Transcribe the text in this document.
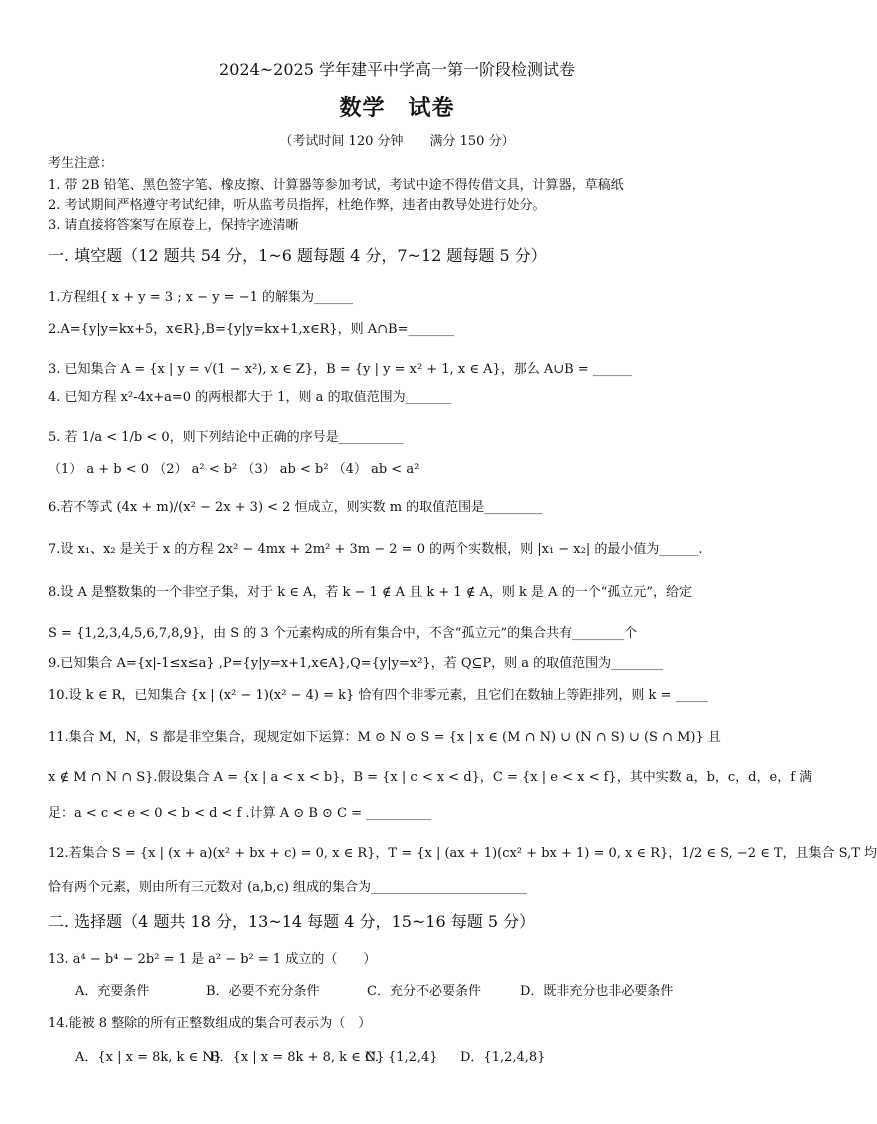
2024~2025 学年建平中学高一第一阶段检测试卷
数学　试卷
（考试时间 120 分钟　　满分 150 分）
考生注意：
1. 带 2B 铅笔、黑色签字笔、橡皮擦、计算器等参加考试，考试中途不得传借文具，计算器，草稿纸
2. 考试期间严格遵守考试纪律，听从监考员指挥，杜绝作弊，违者由教导处进行处分。
3. 请直接将答案写在原卷上，保持字迹清晰
一. 填空题（12 题共 54 分，1~6 题每题 4 分，7~12 题每题 5 分）
1.方程组{ x + y = 3 ; x − y = −1 的解集为______
2.A={y|y=kx+5，x∈R},B={y|y=kx+1,x∈R}，则 A∩B=_______
3. 已知集合 A = {x | y = √(1 − x²), x ∈ Z}，B = {y | y = x² + 1, x ∈ A}，那么 A∪B = ______
4. 已知方程 x²-4x+a=0 的两根都大于 1，则 a 的取值范围为_______
5. 若 1/a < 1/b < 0，则下列结论中正确的序号是__________
（1） a + b < 0 （2） a² < b² （3） ab < b² （4） ab < a²
6.若不等式 (4x + m)/(x² − 2x + 3) < 2 恒成立，则实数 m 的取值范围是_________
7.设 x₁、x₂ 是关于 x 的方程 2x² − 4mx + 2m² + 3m − 2 = 0 的两个实数根，则 |x₁ − x₂| 的最小值为______.
8.设 A 是整数集的一个非空子集，对于 k ∈ A，若 k − 1 ∉ A 且 k + 1 ∉ A，则 k 是 A 的一个“孤立元”，给定
S = {1,2,3,4,5,6,7,8,9}，由 S 的 3 个元素构成的所有集合中，不含“孤立元”的集合共有________个
9.已知集合 A={x|-1≤x≤a} ,P={y|y=x+1,x∈A},Q={y|y=x²}，若 Q⊆P，则 a 的取值范围为________
10.设 k ∈ R，已知集合 {x | (x² − 1)(x² − 4) = k} 恰有四个非零元素，且它们在数轴上等距排列，则 k = _____
11.集合 M，N，S 都是非空集合，现规定如下运算：M ⊙ N ⊙ S = {x | x ∈ (M ∩ N) ∪ (N ∩ S) ∪ (S ∩ M)} 且
x ∉ M ∩ N ∩ S}.假设集合 A = {x | a < x < b}，B = {x | c < x < d}，C = {x | e < x < f}，其中实数 a，b，c，d，e，f 满
足：a < c < e < 0 < b < d < f .计算 A ⊙ B ⊙ C = __________
12.若集合 S = {x | (x + a)(x² + bx + c) = 0, x ∈ R}，T = {x | (ax + 1)(cx² + bx + 1) = 0, x ∈ R}，1/2 ∈ S, −2 ∈ T，且集合 S,T 均
恰有两个元素，则由所有三元数对 (a,b,c) 组成的集合为________________________
二. 选择题（4 题共 18 分，13~14 每题 4 分，15~16 每题 5 分）
13. a⁴ − b⁴ − 2b² = 1 是 a² − b² = 1 成立的（　　）
A．充要条件	B．必要不充分条件	C．充分不必要条件	D．既非充分也非必要条件
14.能被 8 整除的所有正整数组成的集合可表示为（　）
A．{x | x = 8k, k ∈ N}
B．{x | x = 8k + 8, k ∈ N}
C．{1,2,4}	D．{1,2,4,8}
